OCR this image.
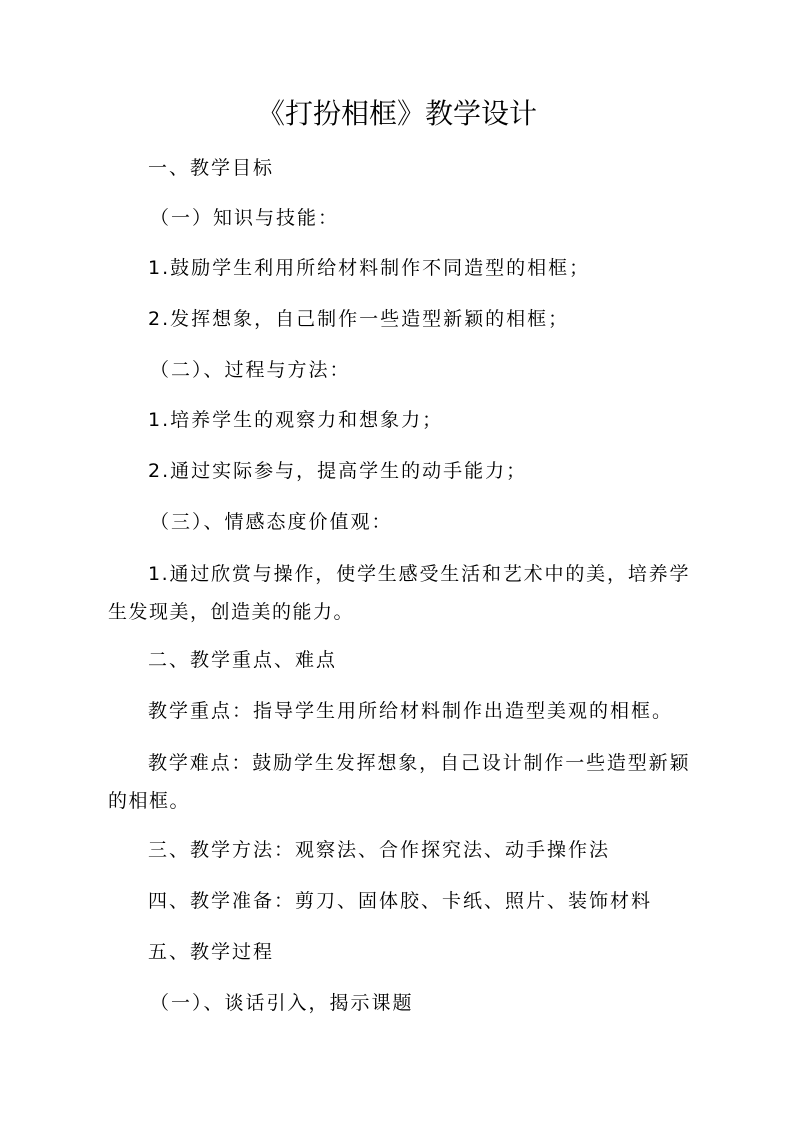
《打扮相框》教学设计
一、教学目标
（一）知识与技能：
1.鼓励学生利用所给材料制作不同造型的相框；
2.发挥想象，自己制作一些造型新颖的相框；
（二）、过程与方法：
1.培养学生的观察力和想象力；
2.通过实际参与，提高学生的动手能力；
（三）、情感态度价值观：
1.通过欣赏与操作，使学生感受生活和艺术中的美，培养学生发现美，创造美的能力。
二、教学重点、难点
教学重点：指导学生用所给材料制作出造型美观的相框。
教学难点：鼓励学生发挥想象，自己设计制作一些造型新颖的相框。
三、教学方法：观察法、合作探究法、动手操作法
四、教学准备：剪刀、固体胶、卡纸、照片、装饰材料
五、教学过程
（一）、谈话引入，揭示课题
